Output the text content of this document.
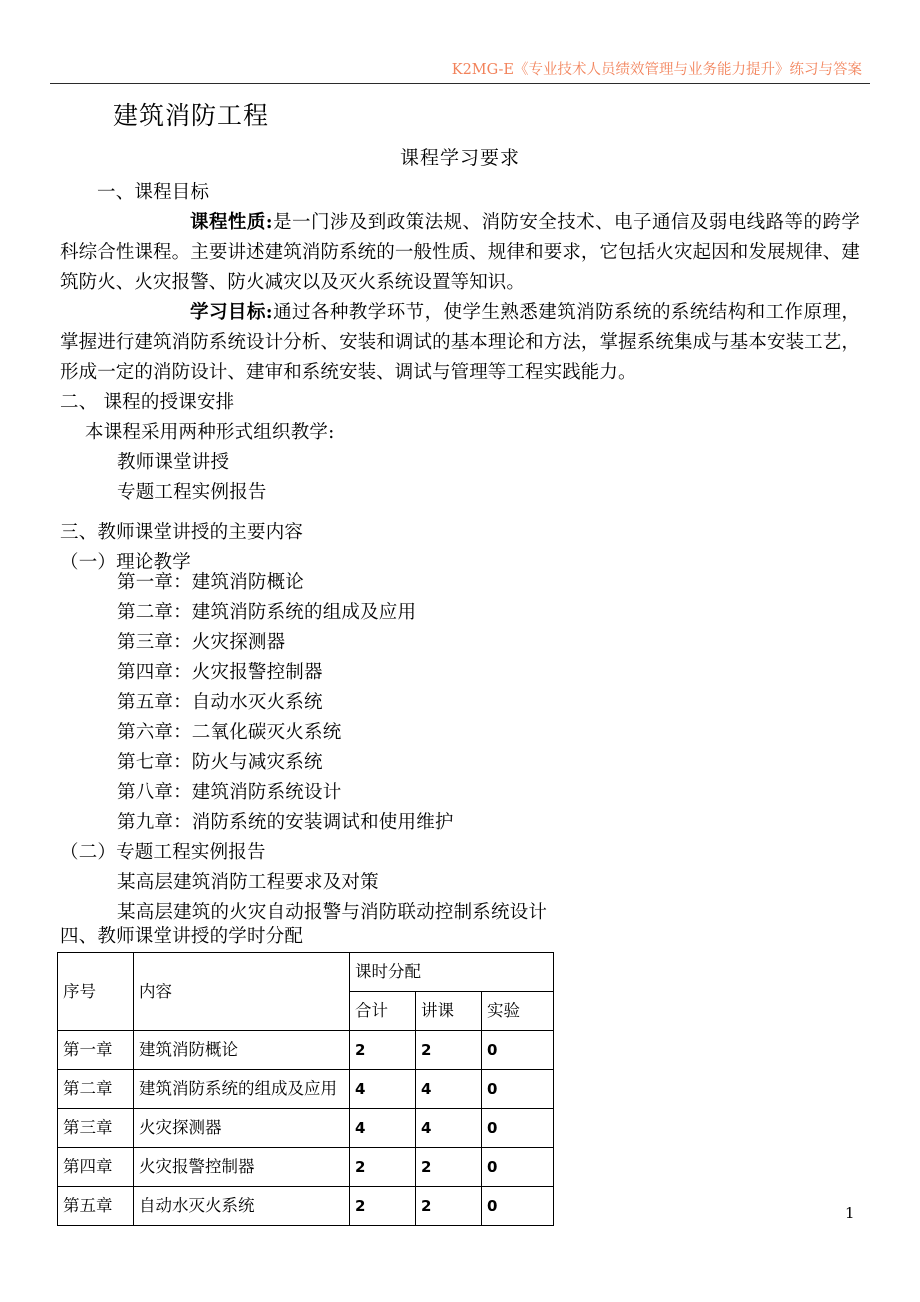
K2MG-E《专业技术人员绩效管理与业务能力提升》练习与答案
建筑消防工程
课程学习要求
一、课程目标
课程性质:是一门涉及到政策法规、消防安全技术、电子通信及弱电线路等的跨学科综合性课程。主要讲述建筑消防系统的一般性质、规律和要求，它包括火灾起因和发展规律、建筑防火、火灾报警、防火减灾以及灭火系统设置等知识。
学习目标:通过各种教学环节，使学生熟悉建筑消防系统的系统结构和工作原理，掌握进行建筑消防系统设计分析、安装和调试的基本理论和方法，掌握系统集成与基本安装工艺，形成一定的消防设计、建审和系统安装、调试与管理等工程实践能力。
二、 课程的授课安排
本课程采用两种形式组织教学:
教师课堂讲授
专题工程实例报告
三、教师课堂讲授的主要内容
（一）理论教学
第一章：建筑消防概论
第二章：建筑消防系统的组成及应用
第三章：火灾探测器
第四章：火灾报警控制器
第五章：自动水灭火系统
第六章：二氧化碳灭火系统
第七章：防火与减灾系统
第八章：建筑消防系统设计
第九章：消防系统的安装调试和使用维护
（二）专题工程实例报告
某高层建筑消防工程要求及对策
某高层建筑的火灾自动报警与消防联动控制系统设计
四、教师课堂讲授的学时分配
序号	内容	课时分配		
		合计	讲课	实验
第一章	建筑消防概论	2	2	0
第二章	建筑消防系统的组成及应用	4	4	0
第三章	火灾探测器	4	4	0
第四章	火灾报警控制器	2	2	0
第五章	自动水灭火系统	2	2	0	1
